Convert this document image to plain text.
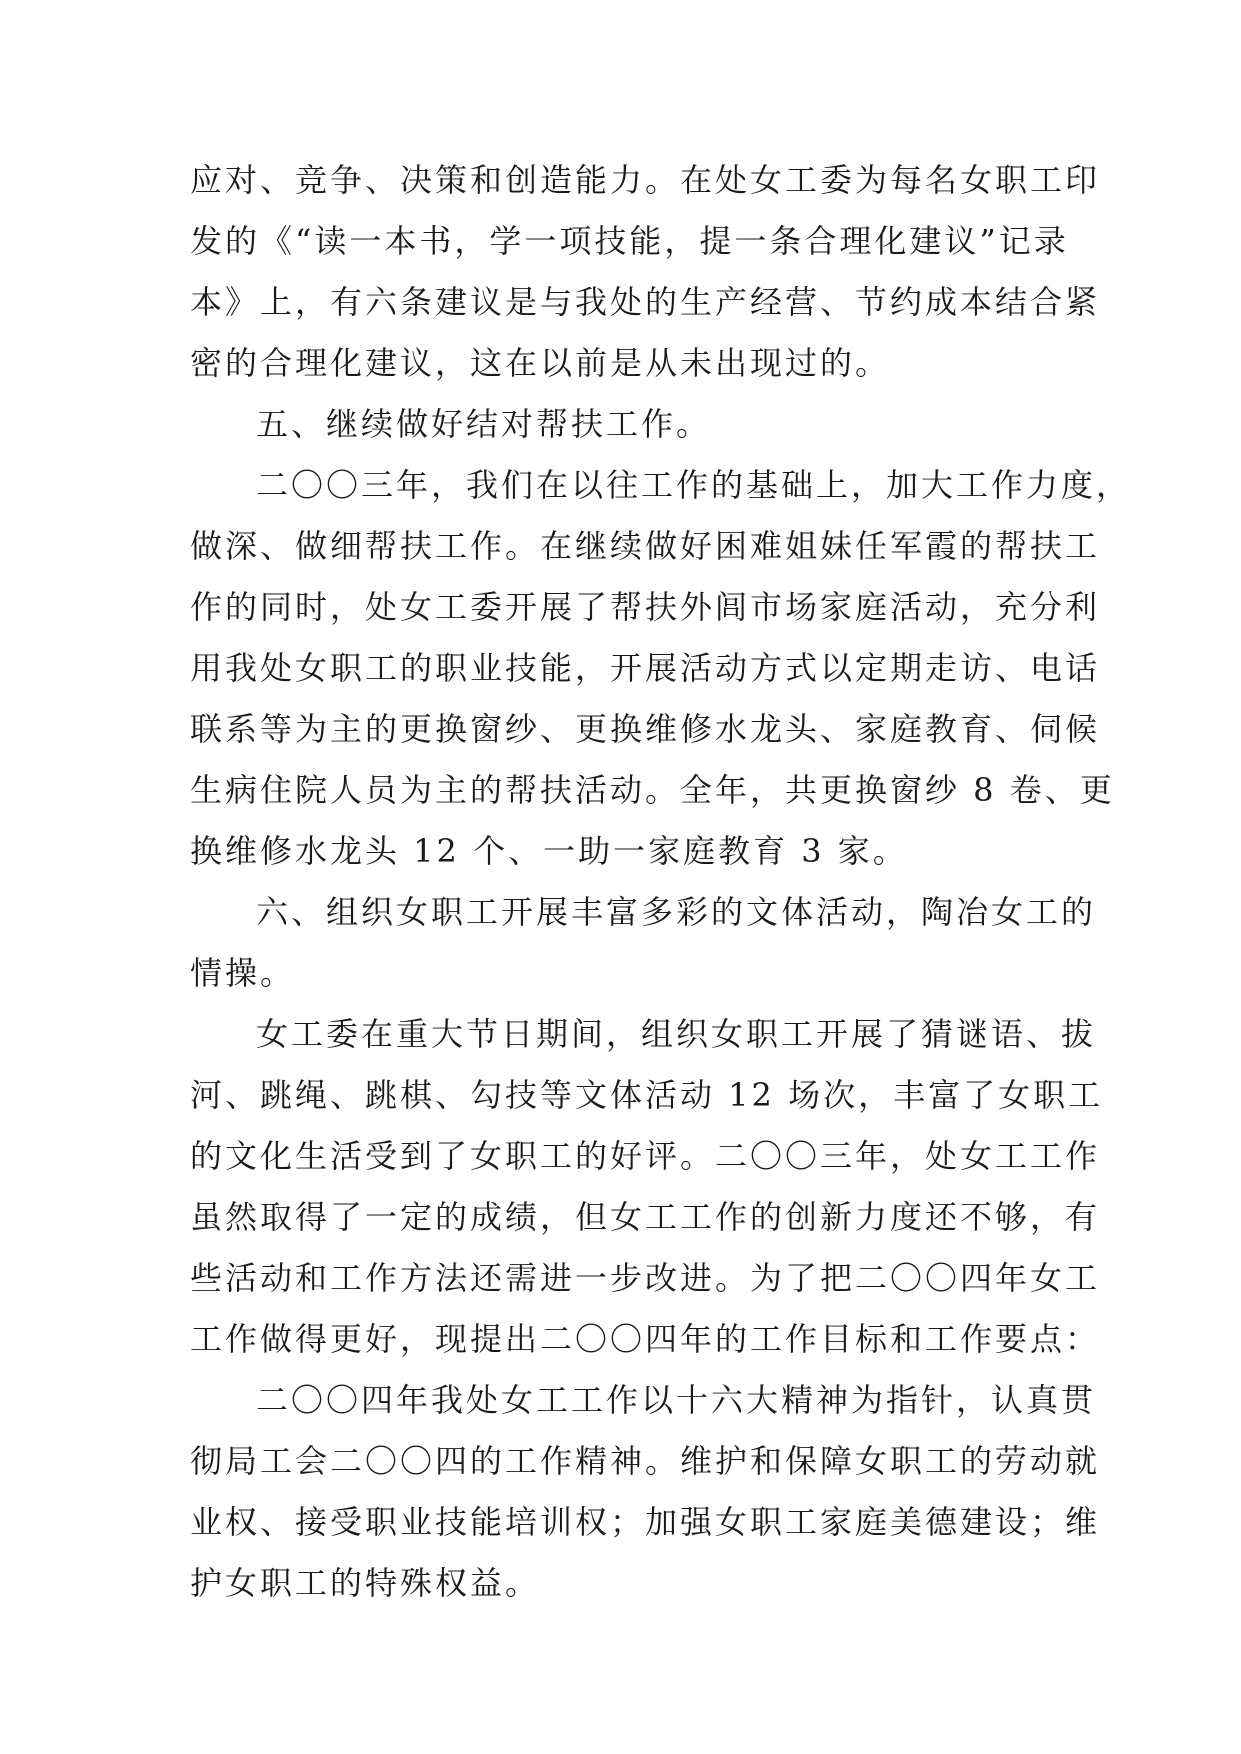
应对、竞争、决策和创造能力。在处女工委为每名女职工印
发的《“读一本书，学一项技能，提一条合理化建议”记录
本》上，有六条建议是与我处的生产经营、节约成本结合紧
密的合理化建议，这在以前是从未出现过的。
五、继续做好结对帮扶工作。
二〇〇三年，我们在以往工作的基础上，加大工作力度，
做深、做细帮扶工作。在继续做好困难姐妹任军霞的帮扶工
作的同时，处女工委开展了帮扶外闾市场家庭活动，充分利
用我处女职工的职业技能，开展活动方式以定期走访、电话
联系等为主的更换窗纱、更换维修水龙头、家庭教育、伺候
生病住院人员为主的帮扶活动。全年，共更换窗纱 8 卷、更
换维修水龙头 12 个、一助一家庭教育 3 家。
六、组织女职工开展丰富多彩的文体活动，陶冶女工的
情操。
女工委在重大节日期间，组织女职工开展了猜谜语、拔
河、跳绳、跳棋、勾技等文体活动 12 场次，丰富了女职工
的文化生活受到了女职工的好评。二〇〇三年，处女工工作
虽然取得了一定的成绩，但女工工作的创新力度还不够，有
些活动和工作方法还需进一步改进。为了把二〇〇四年女工
工作做得更好，现提出二〇〇四年的工作目标和工作要点：
二〇〇四年我处女工工作以十六大精神为指针，认真贯
彻局工会二〇〇四的工作精神。维护和保障女职工的劳动就
业权、接受职业技能培训权；加强女职工家庭美德建设；维
护女职工的特殊权益。
